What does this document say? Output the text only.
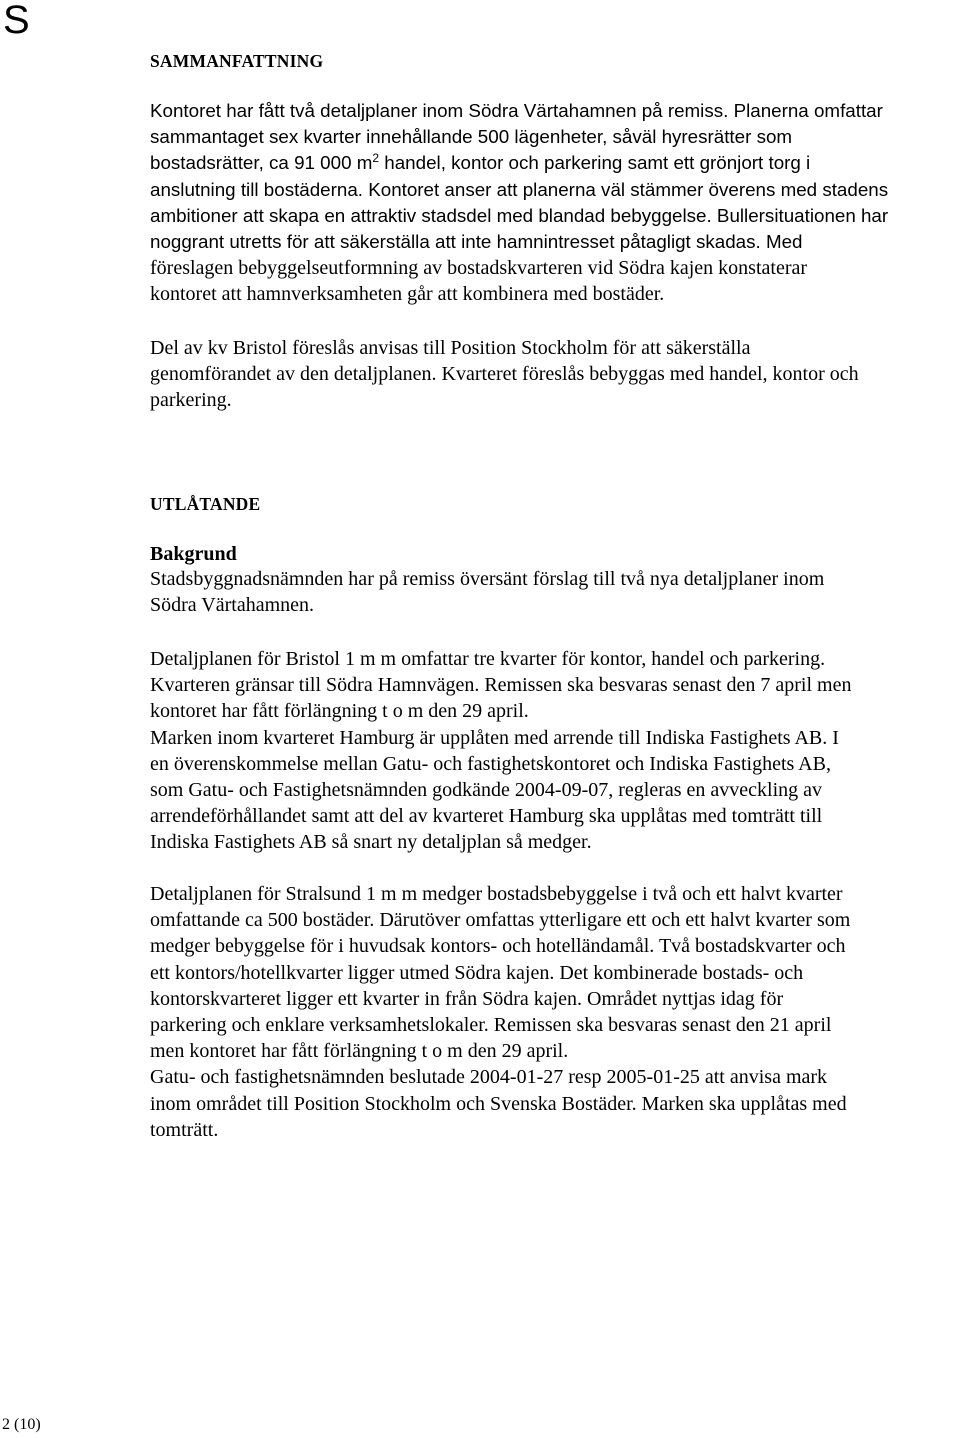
S
SAMMANFATTNING
Kontoret har fått två detaljplaner inom Södra Värtahamnen på remiss. Planerna omfattar
sammantaget sex kvarter innehållande 500 lägenheter, såväl hyresrätter som
bostadsrätter, ca 91 000 $m^2$ handel, kontor och parkering samt ett grönjort torg i
anslutning till bostäderna. Kontoret anser att planerna väl stämmer överens med stadens
ambitioner att skapa en attraktiv stadsdel med blandad bebyggelse. Bullersituationen har
noggrant utretts för att säkerställa att inte hamnintresset påtagligt skadas. Med
föreslagen bebyggelseutformning av bostadskvarteren vid Södra kajen konstaterar
kontoret att hamnverksamheten går att kombinera med bostäder.
Del av kv Bristol föreslås anvisas till Position Stockholm för att säkerställa
genomförandet av den detaljplanen. Kvarteret föreslås bebyggas med handel, kontor och
parkering.
UTLÅTANDE
Bakgrund
Stadsbyggnadsnämnden har på remiss översänt förslag till två nya detaljplaner inom
Södra Värtahamnen.
Detaljplanen för Bristol 1 m m omfattar tre kvarter för kontor, handel och parkering.
Kvarteren gränsar till Södra Hamnvägen. Remissen ska besvaras senast den 7 april men
kontoret har fått förlängning t o m den 29 april.
Marken inom kvarteret Hamburg är upplåten med arrende till Indiska Fastighets AB. I
en överenskommelse mellan Gatu- och fastighetskontoret och Indiska Fastighets AB,
som Gatu- och Fastighetsnämnden godkände 2004-09-07, regleras en avveckling av
arrendeförhållandet samt att del av kvarteret Hamburg ska upplåtas med tomträtt till
Indiska Fastighets AB så snart ny detaljplan så medger.
Detaljplanen för Stralsund 1 m m medger bostadsbebyggelse i två och ett halvt kvarter
omfattande ca 500 bostäder. Därutöver omfattas ytterligare ett och ett halvt kvarter som
medger bebyggelse för i huvudsak kontors- och hotelländamål. Två bostadskvarter och
ett kontors/hotellkvarter ligger utmed Södra kajen. Det kombinerade bostads- och
kontorskvarteret ligger ett kvarter in från Södra kajen. Området nyttjas idag för
parkering och enklare verksamhetslokaler. Remissen ska besvaras senast den 21 april
men kontoret har fått förlängning t o m den 29 april.
Gatu- och fastighetsnämnden beslutade 2004-01-27 resp 2005-01-25 att anvisa mark
inom området till Position Stockholm och Svenska Bostäder. Marken ska upplåtas med
tomträtt.
2 (10)
